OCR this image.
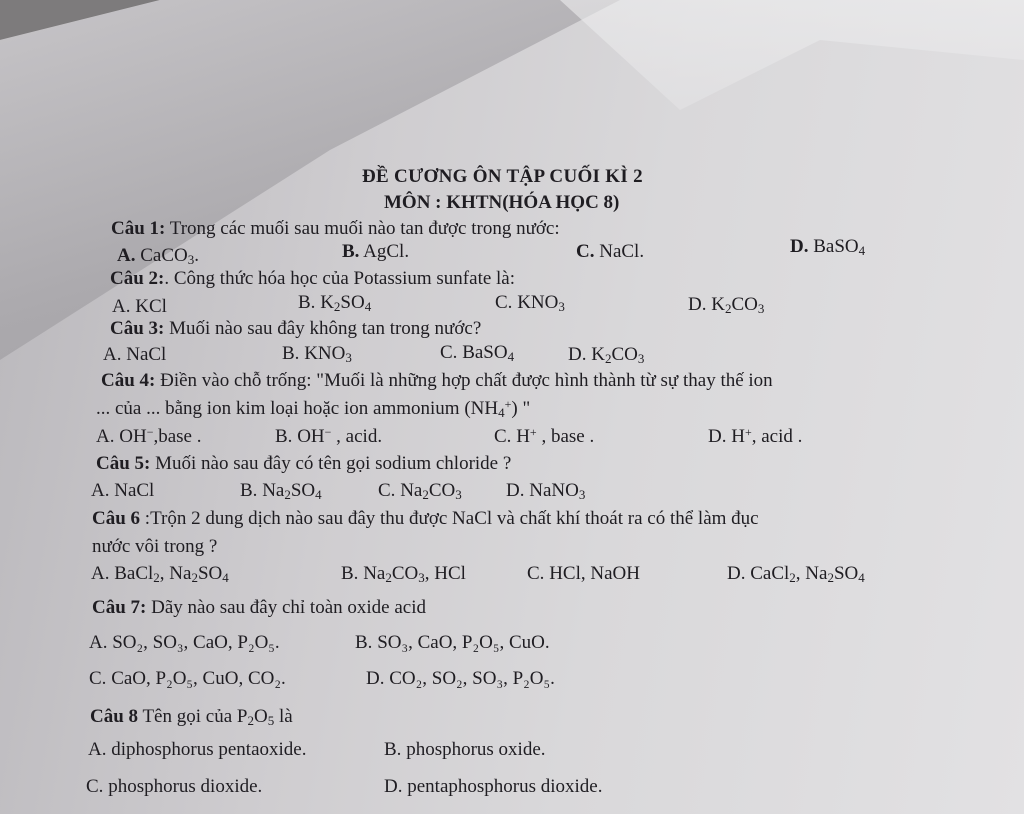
ĐỀ CƯƠNG ÔN TẬP CUỐI KÌ 2
MÔN : KHTN(HÓA HỌC 8)
Câu 1: Trong các muối sau muối nào tan được trong nước:
A. CaCO$_3$.	B. AgCl.	C. NaCl.	D. BaSO$_4$
Câu 2:. Công thức hóa học của Potassium sunfate là:
A. KCl	B. $K_2SO_4$	C. $KNO_3$	D. $K_2CO_3$
Câu 3: Muối nào sau đây không tan trong nước?
A. NaCl	B. $KNO_3$	C. BaSO$_4$	D. $K_2CO_3$
Câu 4: Điền vào chỗ trống: "Muối là những hợp chất được hình thành từ sự thay thế ion
... của ... bằng ion kim loại hoặc ion ammonium $(NH_4^+)$ "
A. OH−,base .	B. OH− , acid.	C. H+ , base .	D. H+, acid .
Câu 5: Muối nào sau đây có tên gọi sodium chloride ?
A. NaCl	B. $Na_2SO_4$	C. $Na_2CO_3$ D. NaNO$_3$
Câu 6 :Trộn 2 dung dịch nào sau đây thu được NaCl và chất khí thoát ra có thể làm đục
nước vôi trong ?
A. BaCl$_2$, $Na_2SO_4$	B. $Na_2CO_3$, HCl	C. HCl, NaOH	D. CaCl$_2$, $Na_2SO_4$
Câu 7: Dãy nào sau đây chỉ toàn oxide acid
A. SO₂, SO₃, CaO, P₂O₅.	B. SO₃, CaO, P₂O₅, CuO.
C. CaO, P₂O₅, CuO, CO₂.	D. CO₂, SO₂, SO₃, P₂O₅.
Câu 8 Tên gọi của $P_2O_5$ là
A. diphosphorus pentaoxide.	B. phosphorus oxide.
C. phosphorus dioxide.	D. pentaphosphorus dioxide.
